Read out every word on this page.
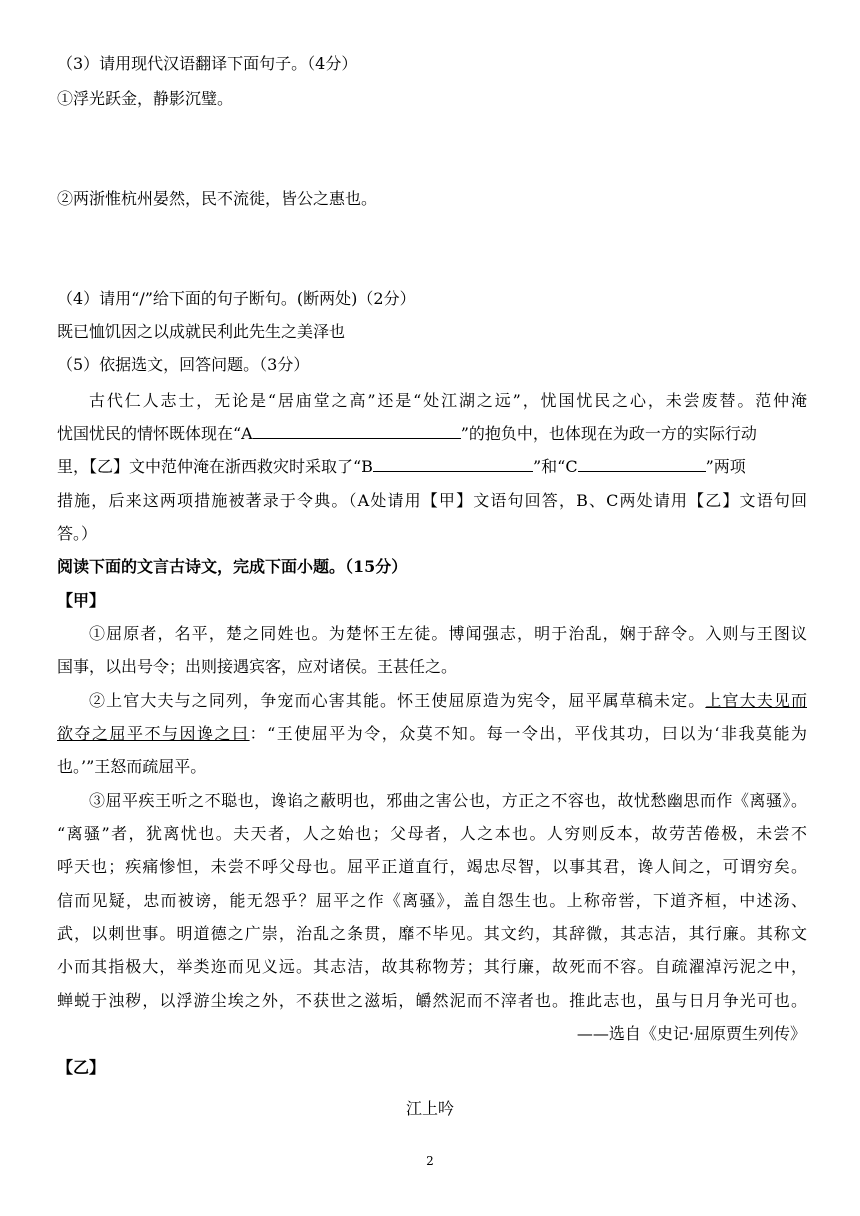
（3）请用现代汉语翻译下面句子。（4分）
①浮光跃金，静影沉璧。
②两浙惟杭州晏然，民不流徙，皆公之惠也。
（4）请用“/”给下面的句子断句。(断两处)（2分）
既已恤饥因之以成就民利此先生之美泽也
（5）依据选文，回答问题。（3分）
古代仁人志士，无论是“居庙堂之高”还是“处江湖之远”，忧国忧民之心，未尝废替。范仲淹
忧国忧民的情怀既体现在“A	”的抱负中，也体现在为政一方的实际行动
里，【乙】文中范仲淹在浙西救灾时采取了“B	”和“C	”两项
措施，后来这两项措施被著录于令典。（A处请用【甲】文语句回答，B、C两处请用【乙】文语句回
答。）
阅读下面的文言古诗文，完成下面小题。（15分）
【甲】
①屈原者，名平，楚之同姓也。为楚怀王左徒。博闻强志，明于治乱，娴于辞令。入则与王图议
国事，以出号令；出则接遇宾客，应对诸侯。王甚任之。
②上官大夫与之同列，争宠而心害其能。怀王使屈原造为宪令，屈平属草稿未定。上官大夫见而
欲夺之屈平不与因谗之曰：“王使屈平为令，众莫不知。每一令出，平伐其功，曰以为‘非我莫能为
也。’”王怒而疏屈平。
③屈平疾王听之不聪也，谗谄之蔽明也，邪曲之害公也，方正之不容也，故忧愁幽思而作《离骚》。
“离骚”者，犹离忧也。夫天者，人之始也；父母者，人之本也。人穷则反本，故劳苦倦极，未尝不
呼天也；疾痛惨怛，未尝不呼父母也。屈平正道直行，竭忠尽智，以事其君，谗人间之，可谓穷矣。
信而见疑，忠而被谤，能无怨乎？屈平之作《离骚》，盖自怨生也。上称帝喾，下道齐桓，中述汤、
武，以刺世事。明道德之广崇，治乱之条贯，靡不毕见。其文约，其辞微，其志洁，其行廉。其称文
小而其指极大，举类迩而见义远。其志洁，故其称物芳；其行廉，故死而不容。自疏濯淖污泥之中，
蝉蜕于浊秽，以浮游尘埃之外，不获世之滋垢，皭然泥而不滓者也。推此志也，虽与日月争光可也。
——选自《史记·屈原贾生列传》
【乙】
江上吟
2
